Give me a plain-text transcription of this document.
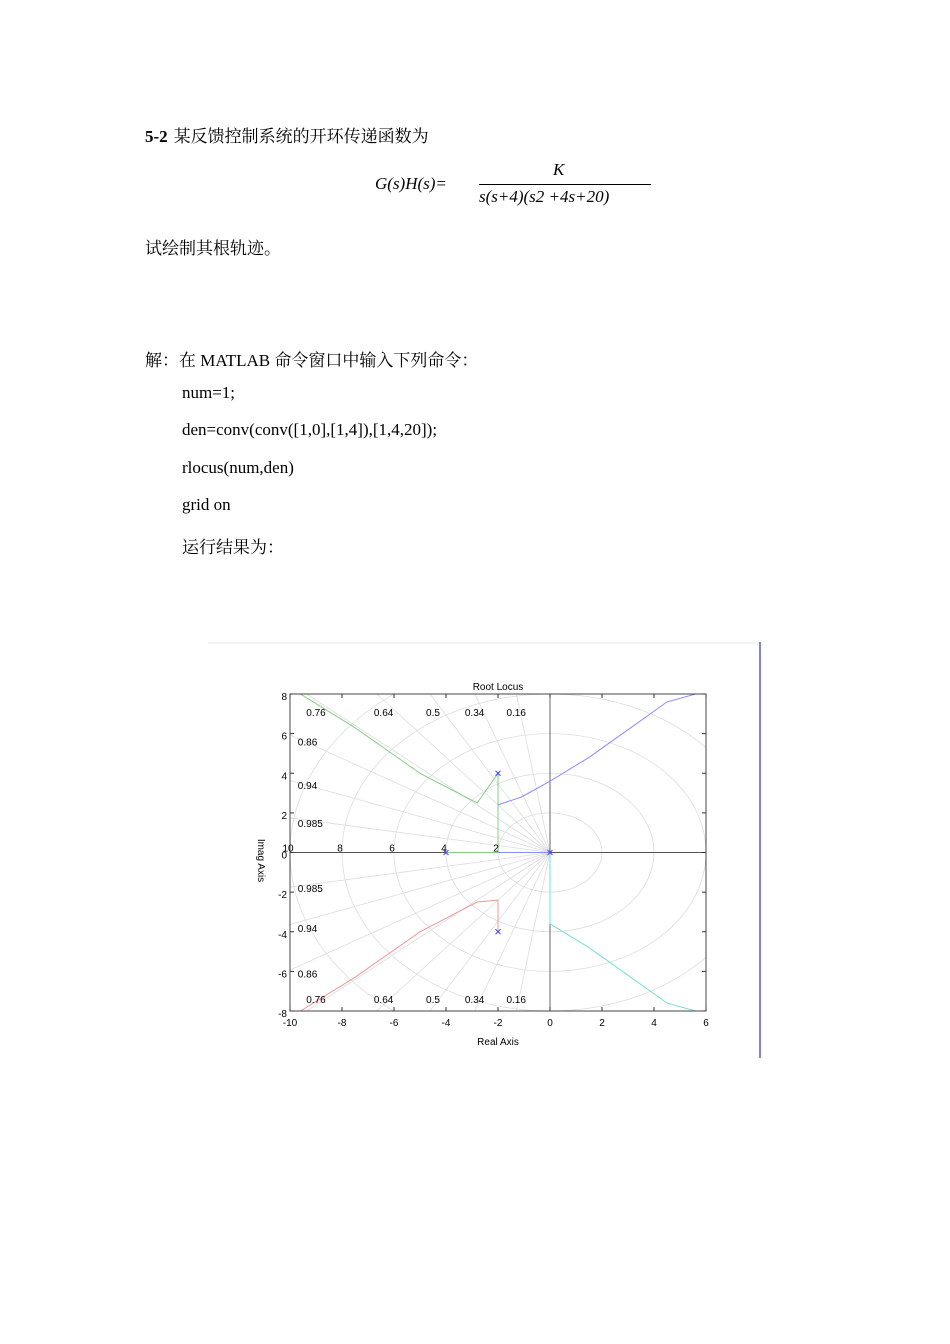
5-2 某反馈控制系统的开环传递函数为
G(s)H(s)=
K
s(s+4)(s2 +4s+20)
试绘制其根轨迹。
解：在 MATLAB 命令窗口中输入下列命令：
num=1;
den=conv(conv([1,0],[1,4]),[1,4,20]);
rlocus(num,den)
grid on
运行结果为：
-10	-8	-6	-4	-2	0	2	4	6
-8
-6
-4
-2
0
2
4
6
8
Root Locus
Real Axis
Imag Axis
0.76	0.64	0.5 0.34 0.16
0.76	0.64	0.5 0.34 0.16
0.86
0.94
0.985
0.985
0.94
0.86
10	8	6	4	2
